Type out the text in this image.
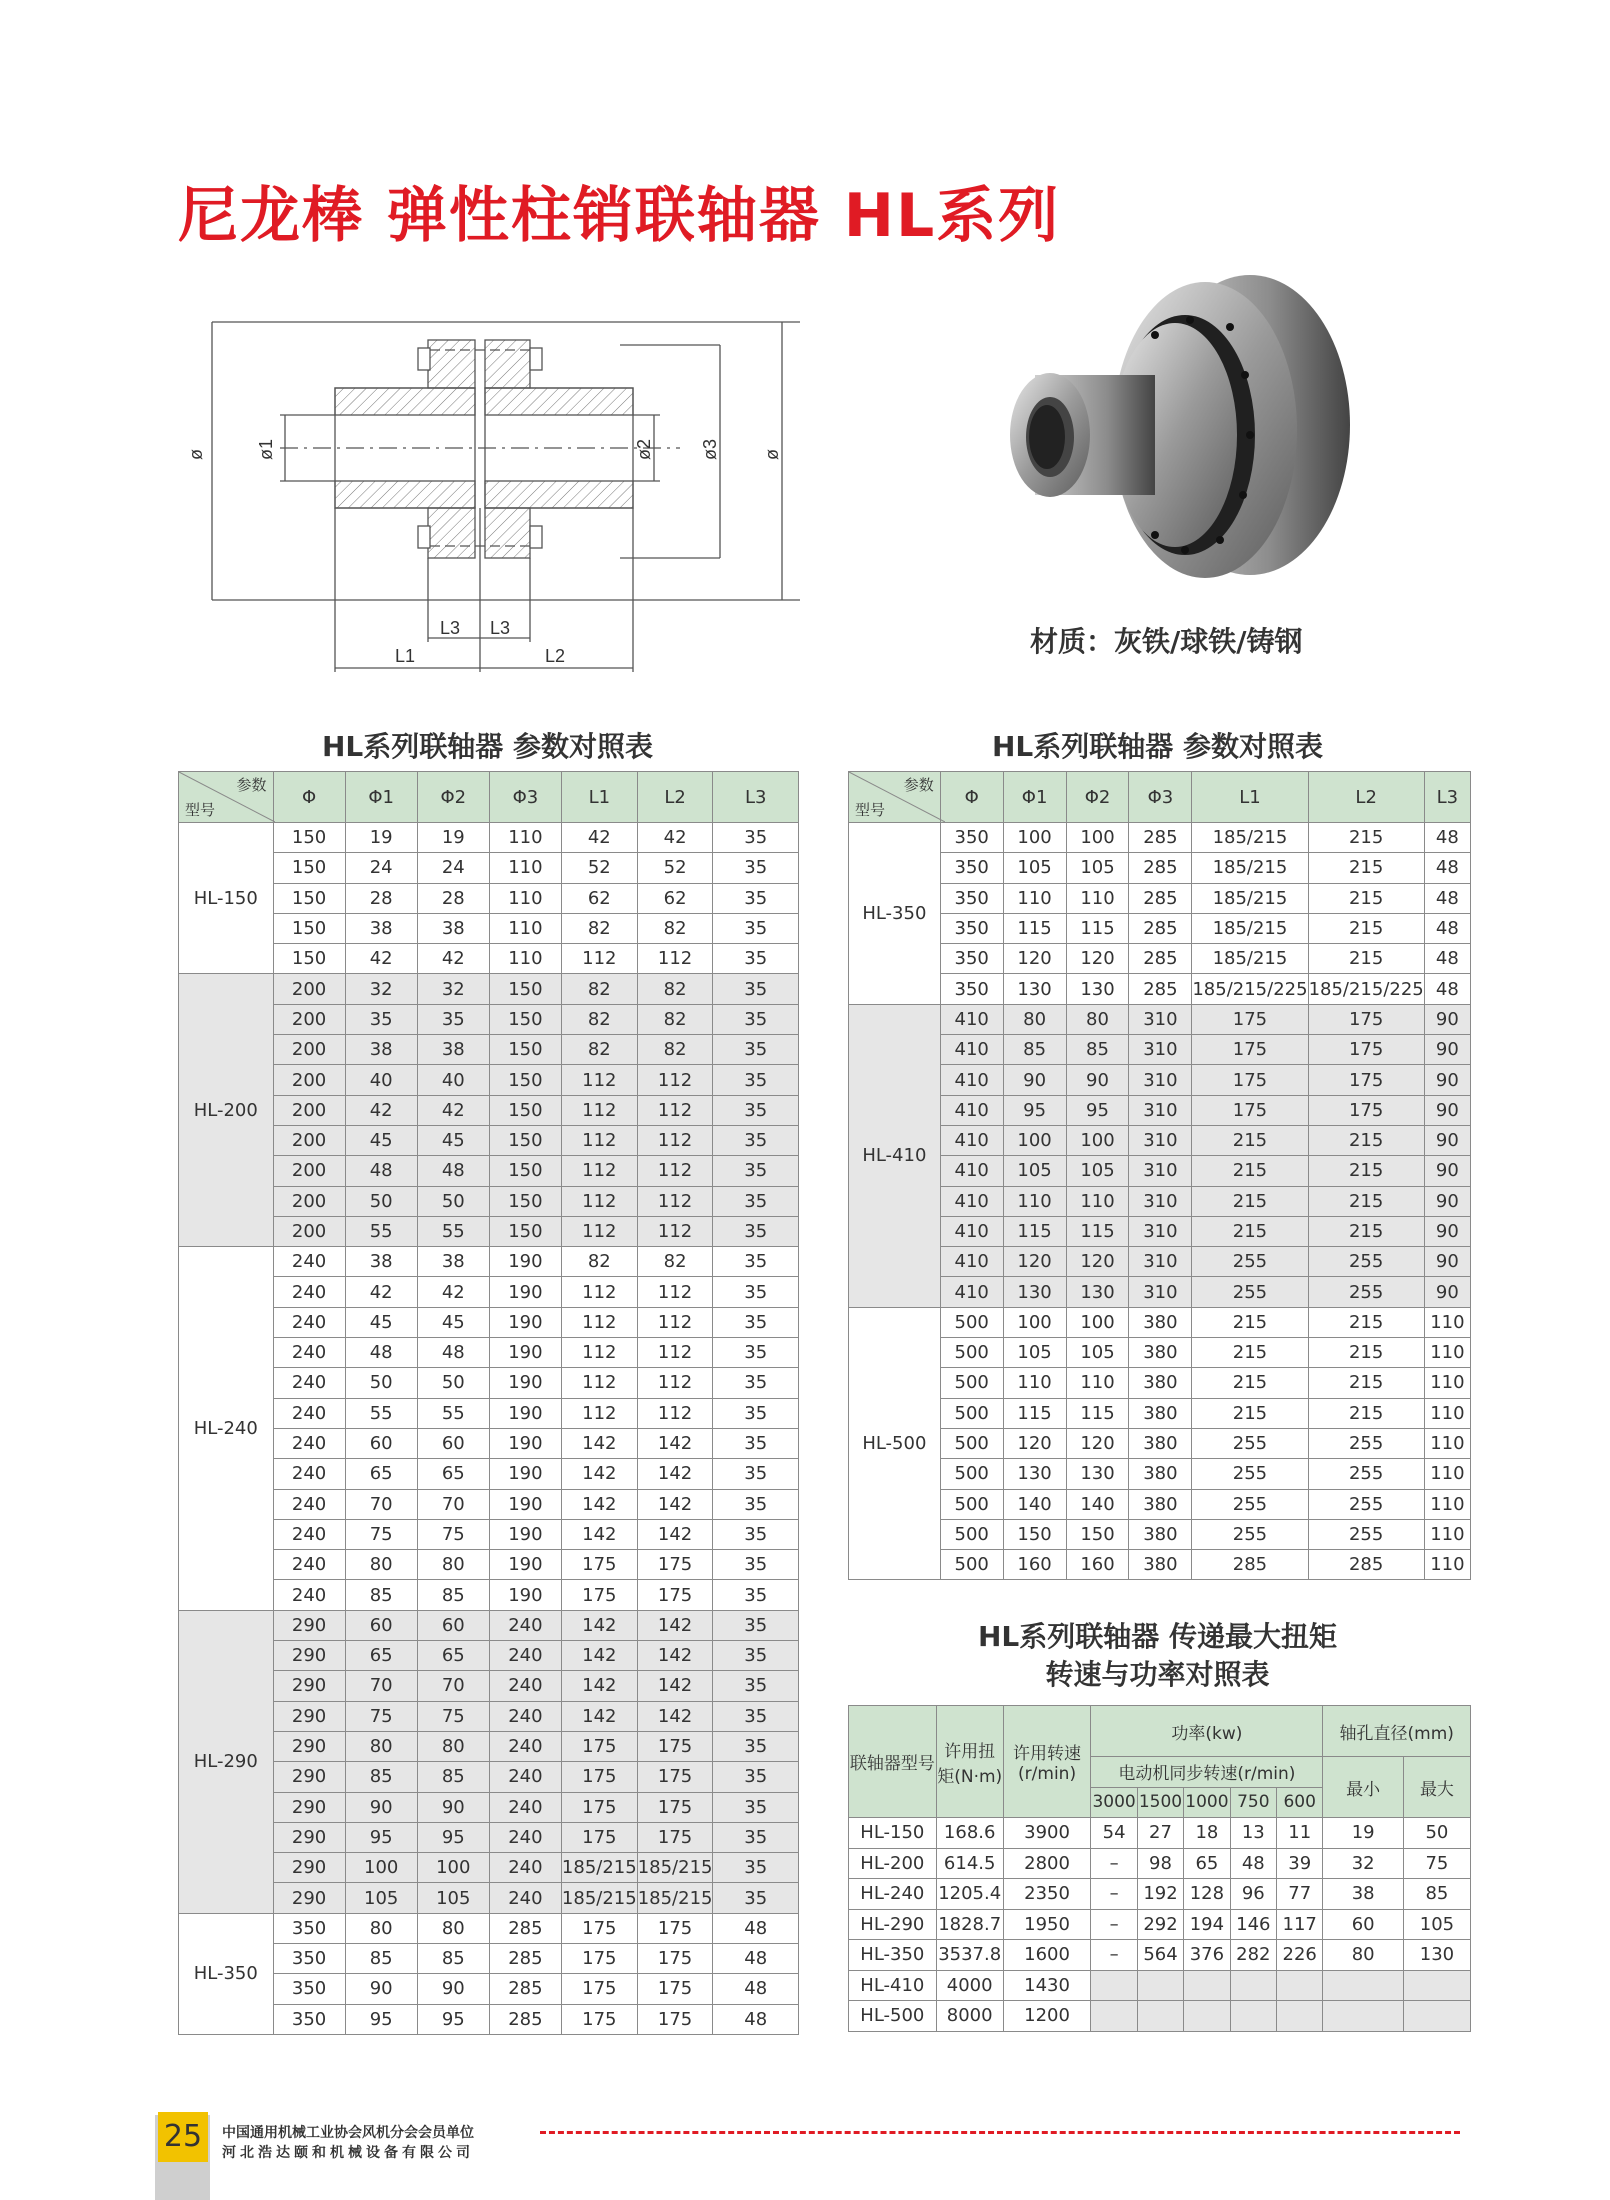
尼龙棒 弹性柱销联轴器 HL系列
ø	ø1	ø2	ø3 ø
L3 L3
L1	L2	材质：灰铁/球铁/铸钢
HL系列联轴器 参数对照表
参数
型号	Φ	Φ1	Φ2	Φ3	L1	L2	L3
HL-150	150	19	19	110	42	42	35
	150	24	24	110	52	52	35
	150	28	28	110	62	62	35
	150	38	38	110	82	82	35
	150	42	42	110	112	112	35
HL-200	200	32	32	150	82	82	35
	200	35	35	150	82	82	35
	200	38	38	150	82	82	35
	200	40	40	150	112	112	35
	200	42	42	150	112	112	35
	200	45	45	150	112	112	35
	200	48	48	150	112	112	35
	200	50	50	150	112	112	35
	200	55	55	150	112	112	35
HL-240	240	38	38	190	82	82	35
	240	42	42	190	112	112	35
	240	45	45	190	112	112	35
	240	48	48	190	112	112	35
	240	50	50	190	112	112	35
	240	55	55	190	112	112	35
	240	60	60	190	142	142	35
	240	65	65	190	142	142	35
	240	70	70	190	142	142	35
	240	75	75	190	142	142	35
	240	80	80	190	175	175	35
	240	85	85	190	175	175	35
HL-290	290	60	60	240	142	142	35
	290	65	65	240	142	142	35
	290	70	70	240	142	142	35
	290	75	75	240	142	142	35
	290	80	80	240	175	175	35
	290	85	85	240	175	175	35
	290	90	90	240	175	175	35
	290	95	95	240	175	175	35
	290	100	100	240	185/215	185/215	35
	290	105	105	240	185/215	185/215	35
HL-350	350	80	80	285	175	175	48
	350	85	85	285	175	175	48
	350	90	90	285	175	175	48
	350	95	95	285	175	175	48
HL系列联轴器 参数对照表
参数
型号	Φ	Φ1	Φ2	Φ3	L1	L2	L3
HL-350	350	100	100	285	185/215	215	48
	350	105	105	285	185/215	215	48
	350	110	110	285	185/215	215	48
	350	115	115	285	185/215	215	48
	350	120	120	285	185/215	215	48
	350	130	130	285	185/215/225	185/215/225	48
HL-410	410	80	80	310	175	175	90
	410	85	85	310	175	175	90
	410	90	90	310	175	175	90
	410	95	95	310	175	175	90
	410	100	100	310	215	215	90
	410	105	105	310	215	215	90
	410	110	110	310	215	215	90
	410	115	115	310	215	215	90
	410	120	120	310	255	255	90
	410	130	130	310	255	255	90
HL-500	500	100	100	380	215	215	110
	500	105	105	380	215	215	110
	500	110	110	380	215	215	110
	500	115	115	380	215	215	110
	500	120	120	380	255	255	110
	500	130	130	380	255	255	110
	500	140	140	380	255	255	110
	500	150	150	380	255	255	110
	500	160	160	380	285	285	110
HL系列联轴器 传递最大扭矩
转速与功率对照表
联轴器型号	许用扭矩(N·m)	许用转速(r/min)	功率(kw)					轴孔直径(mm)	
			电动机同步转速(r/min)					最小	最大
			3000	1500	1000	750	600		
HL-150	168.6	3900	54	27	18	13	11	19	50
HL-200	614.5	2800	–	98	65	48	39	32	75
HL-240	1205.4	2350	–	192	128	96	77	38	85
HL-290	1828.7	1950	–	292	194	146	117	60	105
HL-350	3537.8	1600	–	564	376	282	226	80	130
HL-410	4000	1430							
HL-500	8000	1200							
25	中国通用机械工业协会风机分会会员单位
河北浩达颐和机械设备有限公司
